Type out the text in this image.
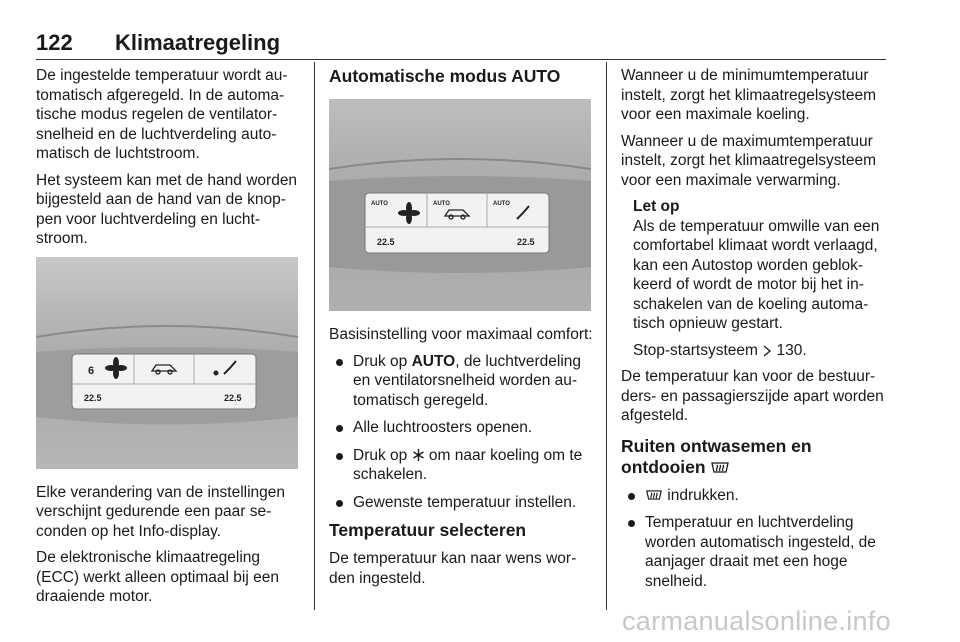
122 Klimaatregeling

De ingestelde temperatuur wordt automatisch afgeregeld. In de automatische modus regelen de ventilatorsnelheid en de luchtverdeling automatisch de luchtstroom.

Het systeem kan met de hand worden bijgesteld aan de hand van de knoppen voor luchtverdeling en luchtstroom.

6
22.5	22.5

Elke verandering van de instellingen verschijnt gedurende een paar seconden op het Info-display.

De elektronische klimaatregeling (ECC) werkt alleen optimaal bij een draaiende motor.

Automatische modus AUTO
AUTO	AUTO	AUTO
22.5	22.5

Basisinstelling voor maximaal comfort:

Druk op AUTO, de luchtverdeling en ventilatorsnelheid worden automatisch geregeld.
Alle luchtroosters openen.
Druk op  om naar koeling om te schakelen.
Gewenste temperatuur instellen.
Temperatuur selecteren

De temperatuur kan naar wens worden ingesteld.

Wanneer u de minimumtemperatuur instelt, zorgt het klimaatregelsysteem voor een maximale koeling.

Wanneer u de maximumtemperatuur instelt, zorgt het klimaatregelsysteem voor een maximale verwarming.

Let op

Als de temperatuur omwille van een comfortabel klimaat wordt verlaagd, kan een Autostop worden geblokkeerd of wordt de motor bij het inschakelen van de koeling automatisch opnieuw gestart.

Stop-startsysteem  130.

De temperatuur kan voor de bestuurders- en passagierszijde apart worden afgesteld.

Ruiten ontwasemen en ontdooien
indrukken.
Temperatuur en luchtverdeling worden automatisch ingesteld, de aanjager draait met een hoge snelheid.
carmanualsonline.info
